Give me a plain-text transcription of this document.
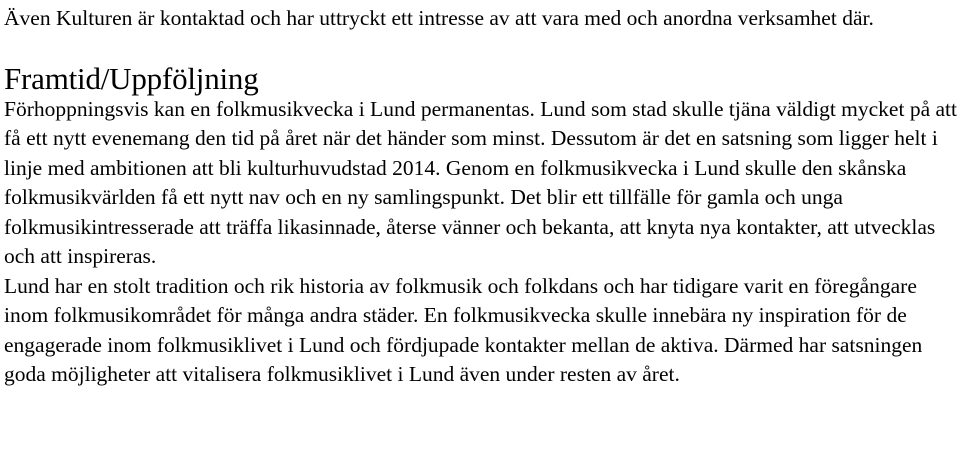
Även Kulturen är kontaktad och har uttryckt ett intresse av att vara med och anordna verksamhet där.

Framtid/Uppföljning

Förhoppningsvis kan en folkmusikvecka i Lund permanentas. Lund som stad skulle tjäna väldigt mycket på att få ett nytt evenemang den tid på året när det händer som minst. Dessutom är det en satsning som ligger helt i linje med ambitionen att bli kulturhuvudstad 2014. Genom en folkmusikvecka i Lund skulle den skånska folkmusikvärlden få ett nytt nav och en ny samlingspunkt. Det blir ett tillfälle för gamla och unga folkmusikintresserade att träffa likasinnade, återse vänner och bekanta, att knyta nya kontakter, att utvecklas och att inspireras.

Lund har en stolt tradition och rik historia av folkmusik och folkdans och har tidigare varit en föregångare inom folkmusikområdet för många andra städer. En folkmusikvecka skulle innebära ny inspiration för de engagerade inom folkmusiklivet i Lund och fördjupade kontakter mellan de aktiva. Därmed har satsningen goda möjligheter att vitalisera folkmusiklivet i Lund även under resten av året.
